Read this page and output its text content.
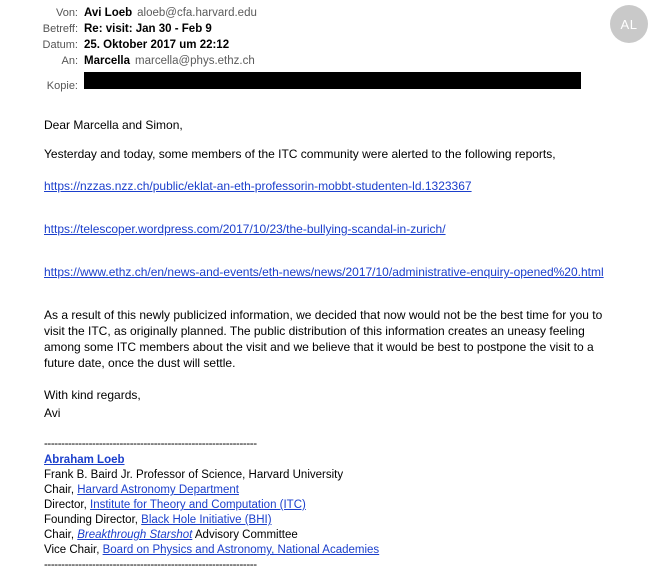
Von: Avi Loeb aloeb@cfa.harvard.edu
Betreff: Re: visit: Jan 30 - Feb 9
Datum: 25. Oktober 2017 um 22:12
An: Marcella marcella@phys.ethz.ch
Kopie:
AL
Dear Marcella and Simon,
Yesterday and today, some members of the ITC community were alerted to the following reports,
https://nzzas.nzz.ch/public/eklat-an-eth-professorin-mobbt-studenten-ld.1323367
https://telescoper.wordpress.com/2017/10/23/the-bullying-scandal-in-zurich/
https://www.ethz.ch/en/news-and-events/eth-news/news/2017/10/administrative-enquiry-opened%20.html
As a result of this newly publicized information, we decided that now would not be the best time for you to visit the ITC, as originally planned. The public distribution of this information creates an uneasy feeling among some ITC members about the visit and we believe that it would be best to postpone the visit to a future date, once the dust will settle.
With kind regards,
Avi
--------------------------------------------------------------
Abraham Loeb
Frank B. Baird Jr. Professor of Science, Harvard University
Chair, Harvard Astronomy Department
Director, Institute for Theory and Computation (ITC)
Founding Director, Black Hole Initiative (BHI)
Chair, Breakthrough Starshot Advisory Committee
Vice Chair, Board on Physics and Astronomy, National Academies
--------------------------------------------------------------
